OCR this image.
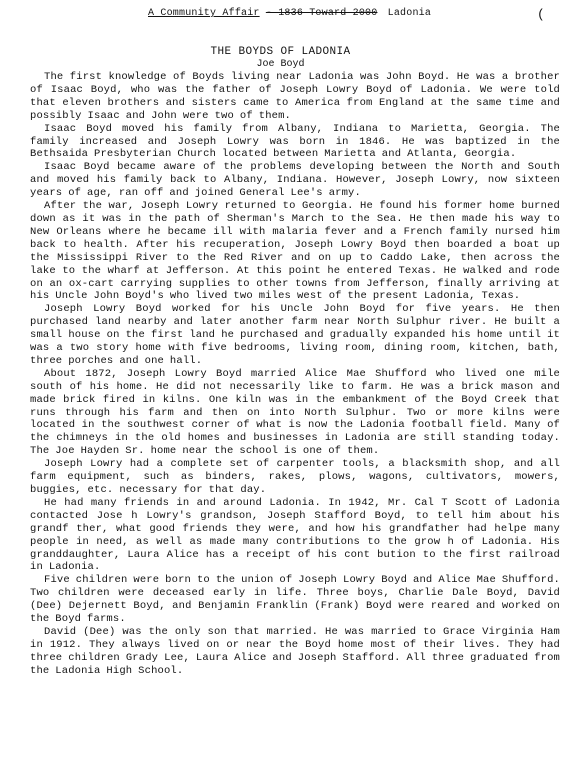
A Community Affair - 1836 Toward 2000 Ladonia	(
THE BOYDS OF LADONIA
Joe Boyd

The first knowledge of Boyds living near Ladonia was John Boyd. He was a brother of Isaac Boyd, who was the father of Joseph Lowry Boyd of Ladonia. We were told that eleven brothers and sisters came to America from England at the same time and possibly Isaac and John were two of them.

Isaac Boyd moved his family from Albany, Indiana to Marietta, Georgia. The family increased and Joseph Lowry was born in 1846. He was baptized in the Bethsaida Presbyterian Church located between Marietta and Atlanta, Georgia.

Isaac Boyd became aware of the problems developing between the North and South and moved his family back to Albany, Indiana. However, Joseph Lowry, now sixteen years of age, ran off and joined General Lee's army.

After the war, Joseph Lowry returned to Georgia. He found his former home burned down as it was in the path of Sherman's March to the Sea. He then made his way to New Orleans where he became ill with malaria fever and a French family nursed him back to health. After his recuperation, Joseph Lowry Boyd then boarded a boat up the Mississippi River to the Red River and on up to Caddo Lake, then across the lake to the wharf at Jefferson. At this point he entered Texas. He walked and rode on an ox-cart carrying supplies to other towns from Jefferson, finally arriving at his Uncle John Boyd's who lived two miles west of the present Ladonia, Texas.

Joseph Lowry Boyd worked for his Uncle John Boyd for five years. He then purchased land nearby and later another farm near North Sulphur river. He built a small house on the first land he purchased and gradually expanded his home until it was a two story home with five bedrooms, living room, dining room, kitchen, bath, three porches and one hall.

About 1872, Joseph Lowry Boyd married Alice Mae Shufford who lived one mile south of his home. He did not necessarily like to farm. He was a brick mason and made brick fired in kilns. One kiln was in the embankment of the Boyd Creek that runs through his farm and then on into North Sulphur. Two or more kilns were located in the southwest corner of what is now the Ladonia football field. Many of the chimneys in the old homes and businesses in Ladonia are still standing today. The Joe Hayden Sr. home near the school is one of them.

Joseph Lowry had a complete set of carpenter tools, a blacksmith shop, and all farm equipment, such as binders, rakes, plows, wagons, cultivators, mowers, buggies, etc. necessary for that day.

He had many friends in and around Ladonia. In 1942, Mr. Cal T Scott of Ladonia contacted Jose h Lowry's grandson, Joseph Stafford Boyd, to tell him about his grandf ther, what good friends they were, and how his grandfather had helpe many people in need, as well as made many contributions to the grow h of Ladonia. His granddaughter, Laura Alice has a receipt of his cont bution to the first railroad in Ladonia.

Five children were born to the union of Joseph Lowry Boyd and Alice Mae Shufford. Two children were deceased early in life. Three boys, Charlie Dale Boyd, David (Dee) Dejernett Boyd, and Benjamin Franklin (Frank) Boyd were reared and worked on the Boyd farms.

David (Dee) was the only son that married. He was married to Grace Virginia Ham in 1912. They always lived on or near the Boyd home most of their lives. They had three children Grady Lee, Laura Alice and Joseph Stafford. All three graduated from the Ladonia High School.
